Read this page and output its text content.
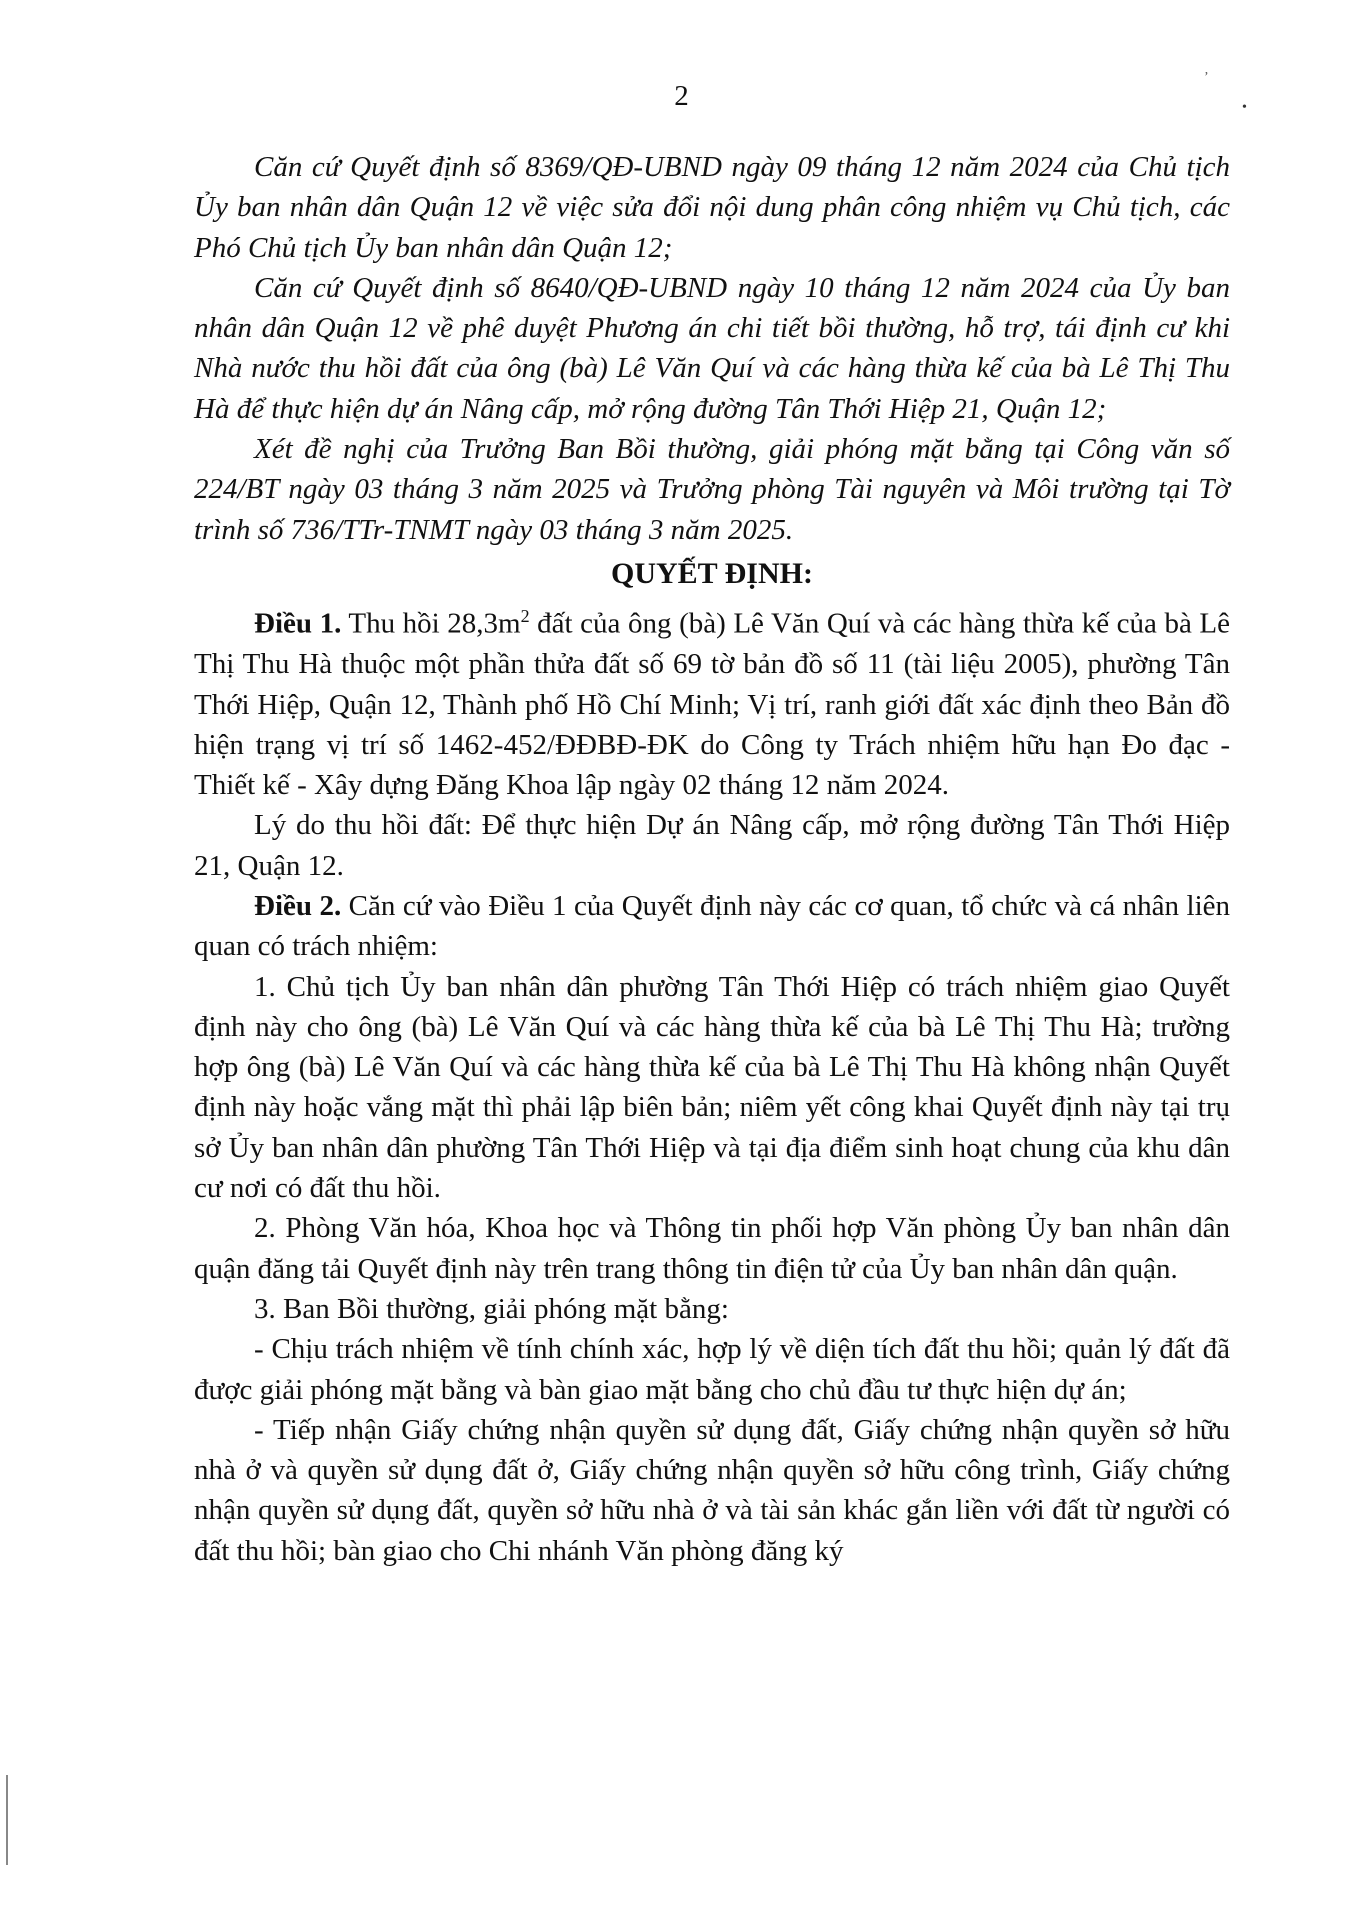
2
’
•

Căn cứ Quyết định số 8369/QĐ-UBND ngày 09 tháng 12 năm 2024 của Chủ tịch Ủy ban nhân dân Quận 12 về việc sửa đổi nội dung phân công nhiệm vụ Chủ tịch, các Phó Chủ tịch Ủy ban nhân dân Quận 12;

Căn cứ Quyết định số 8640/QĐ-UBND ngày 10 tháng 12 năm 2024 của Ủy ban nhân dân Quận 12 về phê duyệt Phương án chi tiết bồi thường, hỗ trợ, tái định cư khi Nhà nước thu hồi đất của ông (bà) Lê Văn Quí và các hàng thừa kế của bà Lê Thị Thu Hà để thực hiện dự án Nâng cấp, mở rộng đường Tân Thới Hiệp 21, Quận 12;

Xét đề nghị của Trưởng Ban Bồi thường, giải phóng mặt bằng tại Công văn số 224/BT ngày 03 tháng 3 năm 2025 và Trưởng phòng Tài nguyên và Môi trường tại Tờ trình số 736/TTr-TNMT ngày 03 tháng 3 năm 2025.

QUYẾT ĐỊNH:

Điều 1. Thu hồi $28,3m^2$ đất của ông (bà) Lê Văn Quí và các hàng thừa kế của bà Lê Thị Thu Hà thuộc một phần thửa đất số 69 tờ bản đồ số 11 (tài liệu 2005), phường Tân Thới Hiệp, Quận 12, Thành phố Hồ Chí Minh; Vị trí, ranh giới đất xác định theo Bản đồ hiện trạng vị trí số 1462-452/ĐĐBĐ-ĐK do Công ty Trách nhiệm hữu hạn Đo đạc - Thiết kế - Xây dựng Đăng Khoa lập ngày 02 tháng 12 năm 2024.

Lý do thu hồi đất: Để thực hiện Dự án Nâng cấp, mở rộng đường Tân Thới Hiệp 21, Quận 12.

Điều 2. Căn cứ vào Điều 1 của Quyết định này các cơ quan, tổ chức và cá nhân liên quan có trách nhiệm:

1. Chủ tịch Ủy ban nhân dân phường Tân Thới Hiệp có trách nhiệm giao Quyết định này cho ông (bà) Lê Văn Quí và các hàng thừa kế của bà Lê Thị Thu Hà; trường hợp ông (bà) Lê Văn Quí và các hàng thừa kế của bà Lê Thị Thu Hà không nhận Quyết định này hoặc vắng mặt thì phải lập biên bản; niêm yết công khai Quyết định này tại trụ sở Ủy ban nhân dân phường Tân Thới Hiệp và tại địa điểm sinh hoạt chung của khu dân cư nơi có đất thu hồi.

2. Phòng Văn hóa, Khoa học và Thông tin phối hợp Văn phòng Ủy ban nhân dân quận đăng tải Quyết định này trên trang thông tin điện tử của Ủy ban nhân dân quận.

3. Ban Bồi thường, giải phóng mặt bằng:

- Chịu trách nhiệm về tính chính xác, hợp lý về diện tích đất thu hồi; quản lý đất đã được giải phóng mặt bằng và bàn giao mặt bằng cho chủ đầu tư thực hiện dự án;

- Tiếp nhận Giấy chứng nhận quyền sử dụng đất, Giấy chứng nhận quyền sở hữu nhà ở và quyền sử dụng đất ở, Giấy chứng nhận quyền sở hữu công trình, Giấy chứng nhận quyền sử dụng đất, quyền sở hữu nhà ở và tài sản khác gắn liền với đất từ người có đất thu hồi; bàn giao cho Chi nhánh Văn phòng đăng ký
